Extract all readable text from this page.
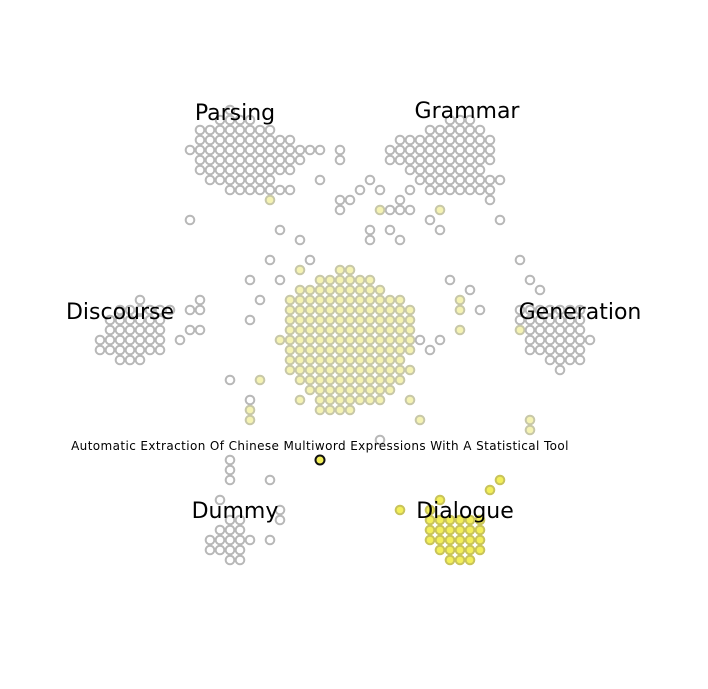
Parsing	Grammar
Discourse	Generation
Dummy	Dialogue
Automatic Extraction Of Chinese Multiword Expressions With A Statistical Tool
